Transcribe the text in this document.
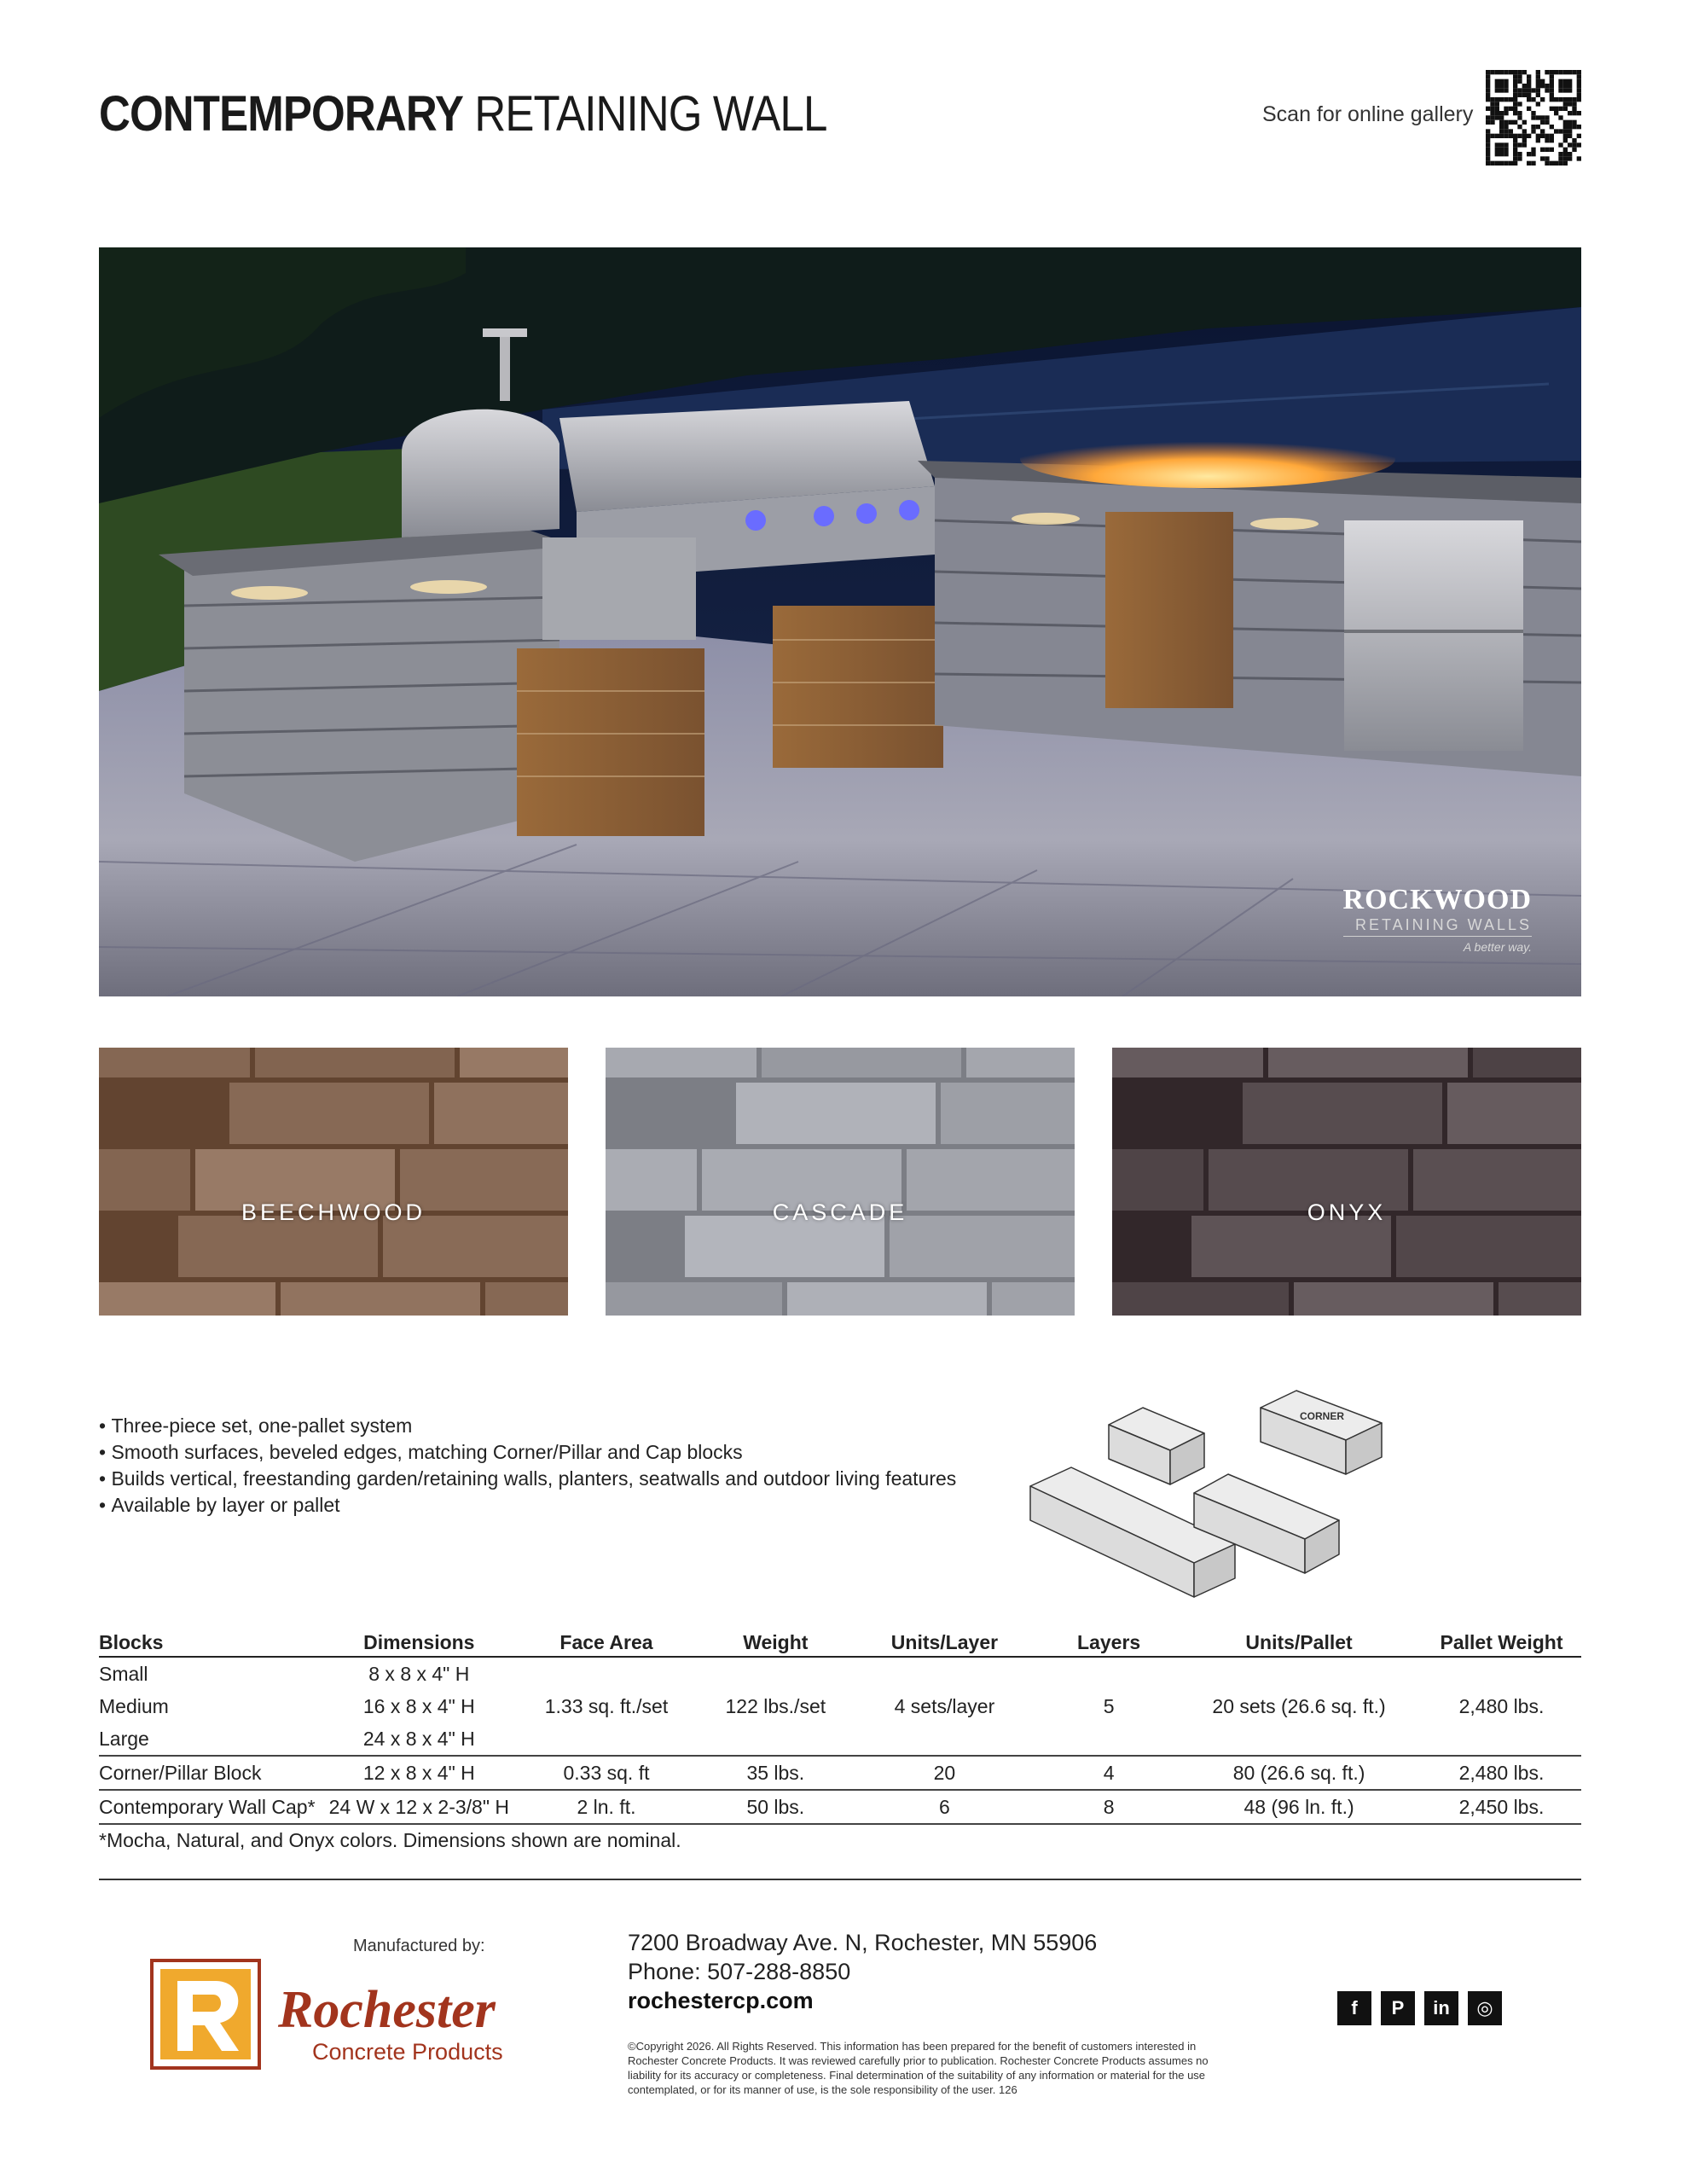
CONTEMPORARY RETAINING WALL	Scan for online gallery
ROCKWOOD
RETAINING WALLS
A better way.
BEECHWOOD	CASCADE	ONYX
• Three-piece set, one-pallet system
• Smooth surfaces, beveled edges, matching Corner/Pillar and Cap blocks
• Builds vertical, freestanding garden/retaining walls, planters, seatwalls and outdoor living features
• Available by layer or pallet
CORNER
Blocks	Dimensions	Face Area	Weight	Units/Layer	Layers	Units/Pallet	Pallet Weight
Small	8 x 8 x 4" H						
Medium	16 x 8 x 4" H	1.33 sq. ft./set	122 lbs./set	4 sets/layer	5	20 sets (26.6 sq. ft.)	2,480 lbs.
Large	24 x 8 x 4" H						
Corner/Pillar Block	12 x 8 x 4" H	0.33 sq. ft	35 lbs.	20	4	80 (26.6 sq. ft.)	2,480 lbs.
Contemporary Wall Cap*	24 W x 12 x 2-3/8" H	2 ln. ft.	50 lbs.	6	8	48 (96 ln. ft.)	2,450 lbs.
*Mocha, Natural, and Onyx colors. Dimensions shown are nominal.
Manufactured by:
Rochester
Concrete Products
7200 Broadway Ave. N, Rochester, MN 55906
Phone: 507-288-8850
rochestercp.com
©Copyright 2026. All Rights Reserved. This information has been prepared for the benefit of customers interested in Rochester Concrete Products. It was reviewed carefully prior to publication. Rochester Concrete Products assumes no liability for its accuracy or completeness. Final determination of the suitability of any information or material for the use contemplated, or for its manner of use, is the sole responsibility of the user. 126
f	P	in	◎
